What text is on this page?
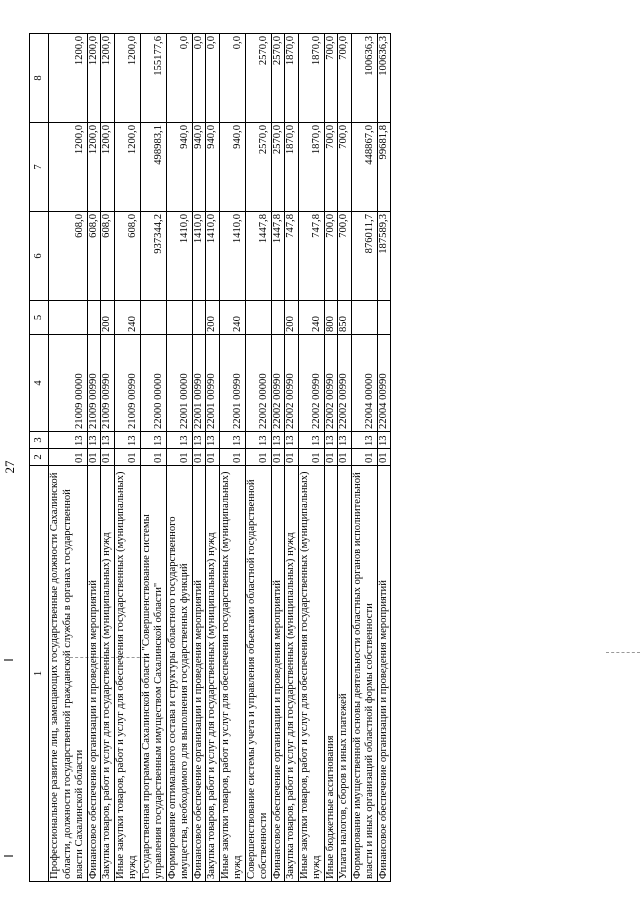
27
1	2	3	4	5	6	7	8
Профессиональное развитие лиц, замещающих государственные должности Сахалинской области, должности государственной гражданской службы в органах государственной власти Сахалинской области	01	13	21009 00000		608,0	1200,0	1200,0
Финансовое обеспечение организации и проведения мероприятий	01	13	21009 00990		608,0	1200,0	1200,0
Закупка товаров, работ и услуг для государственных (муниципальных) нужд	01	13	21009 00990	200	608,0	1200,0	1200,0
Иные закупки товаров, работ и услуг для обеспечения государственных (муниципальных) нужд	01	13	21009 00990	240	608,0	1200,0	1200,0
Государственная программа Сахалинской области "Совершенствование системы управления государственным имуществом Сахалинской области"	01	13	22000 00000		937344,2	498983,1	155177,6
Формирование оптимального состава и структуры областного государственного имущества, необходимого для выполнения государственных функций	01	13	22001 00000		1410,0	940,0	0,0
Финансовое обеспечение организации и проведения мероприятий	01	13	22001 00990		1410,0	940,0	0,0
Закупка товаров, работ и услуг для государственных (муниципальных) нужд	01	13	22001 00990	200	1410,0	940,0	0,0
Иные закупки товаров, работ и услуг для обеспечения государственных (муниципальных) нужд	01	13	22001 00990	240	1410,0	940,0	0,0
Совершенствование системы учета и управления объектами областной государственной собственности	01	13	22002 00000		1447,8	2570,0	2570,0
Финансовое обеспечение организации и проведения мероприятий	01	13	22002 00990		1447,8	2570,0	2570,0
Закупка товаров, работ и услуг для государственных (муниципальных) нужд	01	13	22002 00990	200	747,8	1870,0	1870,0
Иные закупки товаров, работ и услуг для обеспечения государственных (муниципальных) нужд	01	13	22002 00990	240	747,8	1870,0	1870,0
Иные бюджетные ассигнования	01	13	22002 00990	800	700,0	700,0	700,0
Уплата налогов, сборов и иных платежей	01	13	22002 00990	850	700,0	700,0	700,0
Формирование имущественной основы деятельности областных органов исполнительной власти и иных организаций областной формы собственности	01	13	22004 00000		876011,7	448867,0	100636,3
Финансовое обеспечение организации и проведения мероприятий	01	13	22004 00990		187589,3	99681,8	100636,3
